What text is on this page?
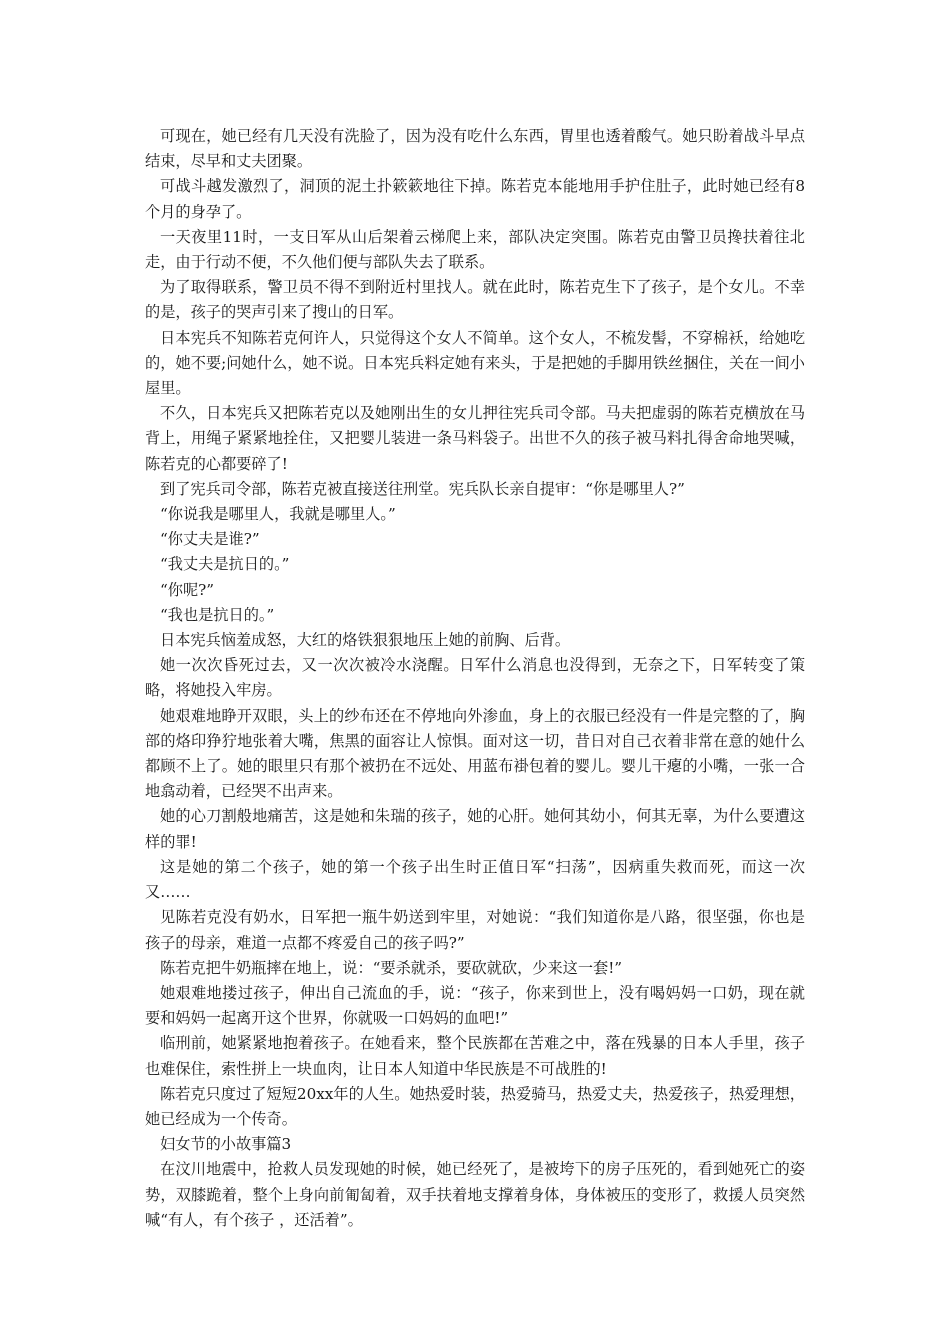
可现在，她已经有几天没有洗脸了，因为没有吃什么东西，胃里也透着酸气。她只盼着战斗早点结束，尽早和丈夫团聚。

可战斗越发激烈了，洞顶的泥土扑簌簌地往下掉。陈若克本能地用手护住肚子，此时她已经有8个月的身孕了。

一天夜里11时，一支日军从山后架着云梯爬上来，部队决定突围。陈若克由警卫员搀扶着往北走，由于行动不便，不久他们便与部队失去了联系。

为了取得联系，警卫员不得不到附近村里找人。就在此时，陈若克生下了孩子，是个女儿。不幸的是，孩子的哭声引来了搜山的日军。

日本宪兵不知陈若克何许人，只觉得这个女人不简单。这个女人，不梳发髻，不穿棉袄，给她吃的，她不要;问她什么，她不说。日本宪兵料定她有来头，于是把她的手脚用铁丝捆住，关在一间小屋里。

不久，日本宪兵又把陈若克以及她刚出生的女儿押往宪兵司令部。马夫把虚弱的陈若克横放在马背上，用绳子紧紧地拴住，又把婴儿装进一条马料袋子。出世不久的孩子被马料扎得舍命地哭喊，陈若克的心都要碎了!

到了宪兵司令部，陈若克被直接送往刑堂。宪兵队长亲自提审：“你是哪里人?”

“你说我是哪里人，我就是哪里人。”

“你丈夫是谁?”

“我丈夫是抗日的。”

“你呢?”

“我也是抗日的。”

日本宪兵恼羞成怒，大红的烙铁狠狠地压上她的前胸、后背。

她一次次昏死过去，又一次次被冷水浇醒。日军什么消息也没得到，无奈之下，日军转变了策略，将她投入牢房。

她艰难地睁开双眼，头上的纱布还在不停地向外渗血，身上的衣服已经没有一件是完整的了，胸部的烙印狰狞地张着大嘴，焦黑的面容让人惊惧。面对这一切，昔日对自己衣着非常在意的她什么都顾不上了。她的眼里只有那个被扔在不远处、用蓝布褂包着的婴儿。婴儿干瘪的小嘴，一张一合地翕动着，已经哭不出声来。

她的心刀割般地痛苦，这是她和朱瑞的孩子，她的心肝。她何其幼小，何其无辜，为什么要遭这样的罪!

这是她的第二个孩子，她的第一个孩子出生时正值日军“扫荡”，因病重失救而死，而这一次又……

见陈若克没有奶水，日军把一瓶牛奶送到牢里，对她说：“我们知道你是八路，很坚强，你也是孩子的母亲，难道一点都不疼爱自己的孩子吗?”

陈若克把牛奶瓶摔在地上，说：“要杀就杀，要砍就砍，少来这一套!”

她艰难地搂过孩子，伸出自己流血的手，说：“孩子，你来到世上，没有喝妈妈一口奶，现在就要和妈妈一起离开这个世界，你就吸一口妈妈的血吧!”

临刑前，她紧紧地抱着孩子。在她看来，整个民族都在苦难之中，落在残暴的日本人手里，孩子也难保住，索性拼上一块血肉，让日本人知道中华民族是不可战胜的!

陈若克只度过了短短20xx年的人生。她热爱时装，热爱骑马，热爱丈夫，热爱孩子，热爱理想，她已经成为一个传奇。

妇女节的小故事篇3

在汶川地震中，抢救人员发现她的时候，她已经死了，是被垮下的房子压死的，看到她死亡的姿势，双膝跪着，整个上身向前匍匐着，双手扶着地支撑着身体，身体被压的变形了，救援人员突然喊“有人，有个孩子 ，还活着”。
